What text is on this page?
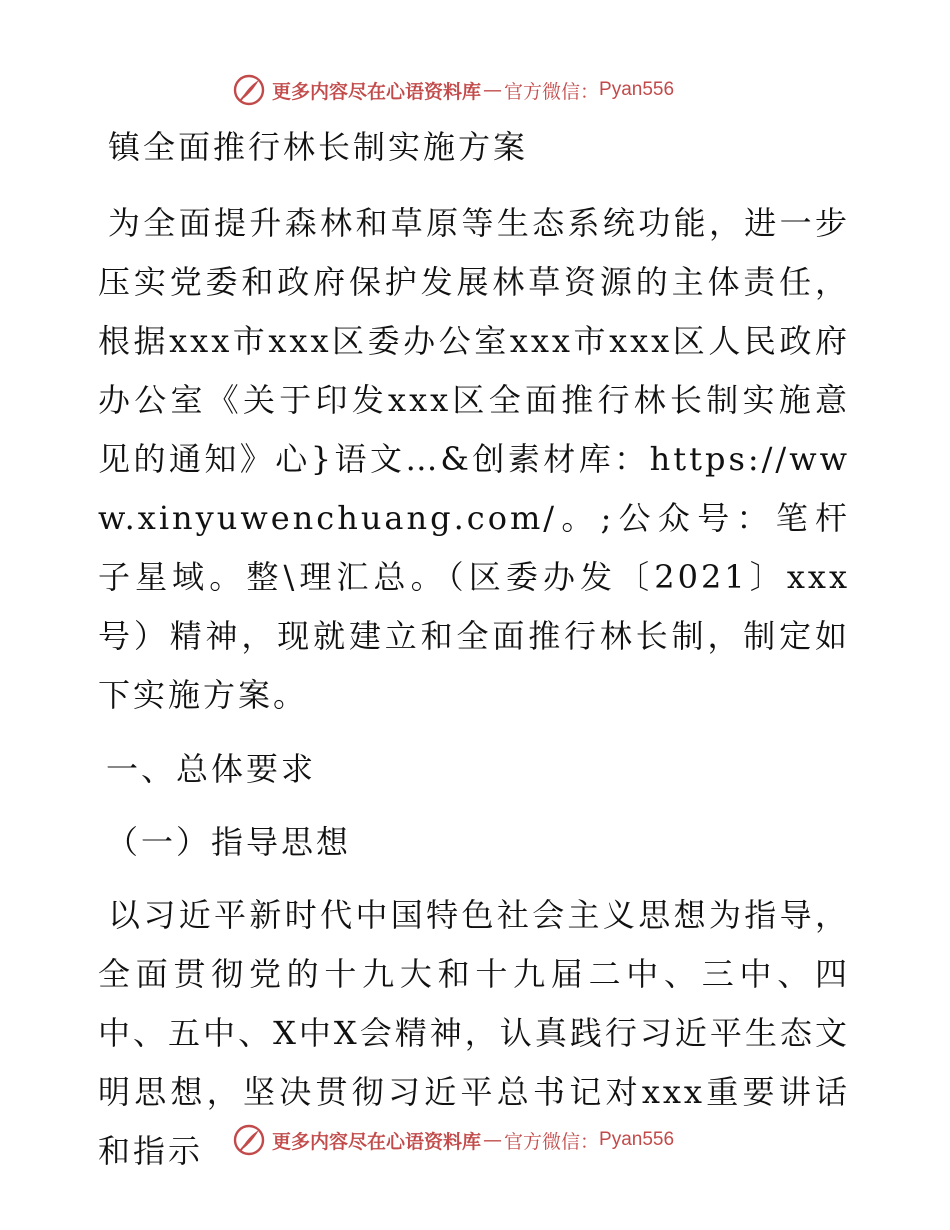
更多内容尽在心语资料库 — 官方微信： Pyan556
镇全面推行林长制实施方案

为全面提升森林和草原等生态系统功能，进一步压实党委和政府保护发展林草资源的主体责任，根据xxx市xxx区委办公室xxx市xxx区人民政府办公室《关于印发xxx区全面推行林长制实施意见的通知》心}语文…&创素材库：https://www.xinyuwenchuang.com/。;公众号：笔杆子星域。整\理汇总。（区委办发〔2021〕xxx号）精神，现就建立和全面推行林长制，制定如下实施方案。

一、总体要求
（一）指导思想

以习近平新时代中国特色社会主义思想为指导，全面贯彻党的十九大和十九届二中、三中、四中、五中、X中X会精神，认真践行习近平生态文明思想，坚决贯彻习近平总书记对xxx重要讲话和指示	更多内容尽在心语资料库 — 官方微信： Pyan556
